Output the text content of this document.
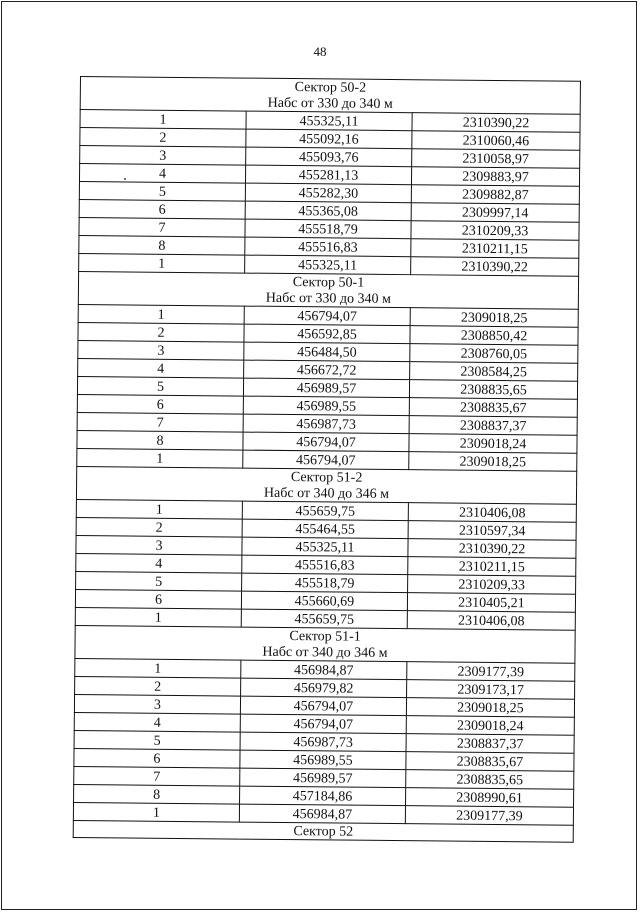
48
Сектор 50-2		
Набс от 330 до 340 м		
1	455325,11	2310390,22
2	455092,16	2310060,46
3	455093,76	2310058,97
4	455281,13	2309883,97
5	455282,30	2309882,87
6	455365,08	2309997,14
7	455518,79	2310209,33
8	455516,83	2310211,15
1	455325,11	2310390,22
Сектор 50-1		
Набс от 330 до 340 м		
1	456794,07	2309018,25
2	456592,85	2308850,42
3	456484,50	2308760,05
4	456672,72	2308584,25
5	456989,57	2308835,65
6	456989,55	2308835,67
7	456987,73	2308837,37
8	456794,07	2309018,24
1	456794,07	2309018,25
Сектор 51-2		
Набс от 340 до 346 м		
1	455659,75	2310406,08
2	455464,55	2310597,34
3	455325,11	2310390,22
4	455516,83	2310211,15
5	455518,79	2310209,33
6	455660,69	2310405,21
1	455659,75	2310406,08
Сектор 51-1		
Набс от 340 до 346 м		
1	456984,87	2309177,39
2	456979,82	2309173,17
3	456794,07	2309018,25
4	456794,07	2309018,24
5	456987,73	2308837,37
6	456989,55	2308835,67
7	456989,57	2308835,65
8	457184,86	2308990,61
1	456984,87	2309177,39
Сектор 52		
